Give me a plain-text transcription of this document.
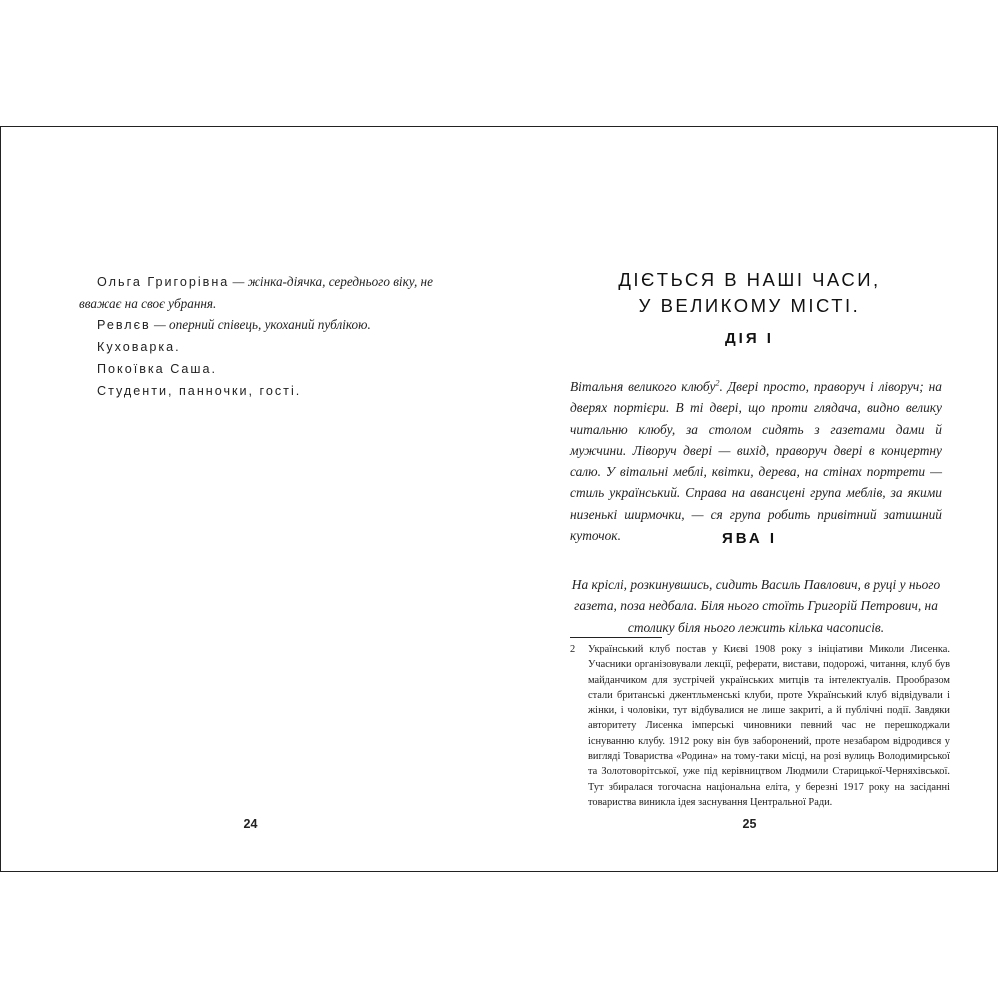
Ольга Григорівна — жінка-діячка, середнього віку, не вважає на своє убрання.
Ревлєв — оперний співець, укоханий публікою.
Куховарка.
Покоївка Саша.
Студенти, панночки, гості.
24
ДІЄТЬСЯ В НАШІ ЧАСИ,
У ВЕЛИКОМУ МІСТІ.
ДІЯ І

Вітальня великого клюбу$^2$. Двері просто, праворуч і ліворуч; на дверях портієри. В ті двері, що проти глядача, видно велику читальню клюбу, за столом сидять з газетами дами й мужчини. Ліворуч двері — вихід, праворуч двері в концертну салю. У вітальні меблі, квітки, дерева, на стінах портрети — стиль український. Справа на авансцені група меблів, за якими низенькі ширмочки, — ся група робить привітний затишний куточок.	ЯВА І

На кріслі, розкинувшись, сидить Василь Павлович, в руці у нього газета, поза недбала. Біля нього стоїть Григорій Петрович, на столику біля нього лежить кілька часописів.

2	Український клуб постав у Києві 1908 року з ініціативи Миколи Лисенка. Учасники організовували лекції, реферати, вистави, подорожі, читання, клуб був майданчиком для зустрічей українських митців та інтелектуалів. Прообразом стали британські джентльменські клуби, проте Український клуб відвідували і жінки, і чоловіки, тут відбувалися не лише закриті, а й публічні події. Завдяки авторитету Лисенка імперські чиновники певний час не перешкоджали існуванню клубу. 1912 року він був заборонений, проте незабаром відродився у вигляді Товариства «Родина» на тому-таки місці, на розі вулиць Володимирської та Золотоворітської, уже під керівництвом Людмили Старицької-Черняхівської. Тут збиралася тогочасна національна еліта, у березні 1917 року на засіданні товариства виникла ідея заснування Центральної Ради.
25
